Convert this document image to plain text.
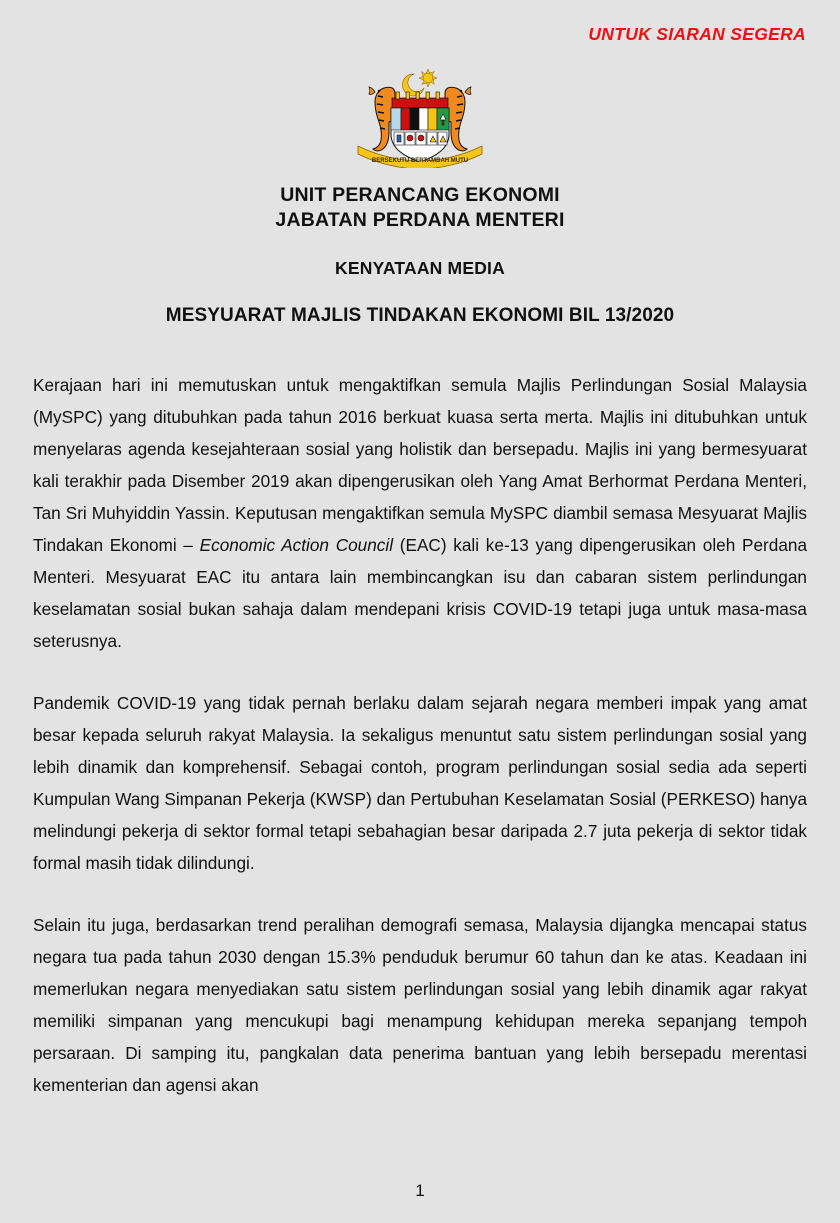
UNTUK SIARAN SEGERA
BERSEKUTU BERTAMBAH MUTU
UNIT PERANCANG EKONOMI
JABATAN PERDANA MENTERI
KENYATAAN MEDIA
MESYUARAT MAJLIS TINDAKAN EKONOMI BIL 13/2020

Kerajaan hari ini memutuskan untuk mengaktifkan semula Majlis Perlindungan Sosial Malaysia (MySPC) yang ditubuhkan pada tahun 2016 berkuat kuasa serta merta. Majlis ini ditubuhkan untuk menyelaras agenda kesejahteraan sosial yang holistik dan bersepadu. Majlis ini yang bermesyuarat kali terakhir pada Disember 2019 akan dipengerusikan oleh Yang Amat Berhormat Perdana Menteri, Tan Sri Muhyiddin Yassin. Keputusan mengaktifkan semula MySPC diambil semasa Mesyuarat Majlis Tindakan Ekonomi – Economic Action Council (EAC) kali ke-13 yang dipengerusikan oleh Perdana Menteri. Mesyuarat EAC itu antara lain membincangkan isu dan cabaran sistem perlindungan keselamatan sosial bukan sahaja dalam mendepani krisis COVID-19 tetapi juga untuk masa-masa seterusnya.

Pandemik COVID-19 yang tidak pernah berlaku dalam sejarah negara memberi impak yang amat besar kepada seluruh rakyat Malaysia. Ia sekaligus menuntut satu sistem perlindungan sosial yang lebih dinamik dan komprehensif. Sebagai contoh, program perlindungan sosial sedia ada seperti Kumpulan Wang Simpanan Pekerja (KWSP) dan Pertubuhan Keselamatan Sosial (PERKESO) hanya melindungi pekerja di sektor formal tetapi sebahagian besar daripada 2.7 juta pekerja di sektor tidak formal masih tidak dilindungi.

Selain itu juga, berdasarkan trend peralihan demografi semasa, Malaysia dijangka mencapai status negara tua pada tahun 2030 dengan 15.3% penduduk berumur 60 tahun dan ke atas. Keadaan ini memerlukan negara menyediakan satu sistem perlindungan sosial yang lebih dinamik agar rakyat memiliki simpanan yang mencukupi bagi menampung kehidupan mereka sepanjang tempoh persaraan. Di samping itu, pangkalan data penerima bantuan yang lebih bersepadu merentasi kementerian dan agensi akan

1
